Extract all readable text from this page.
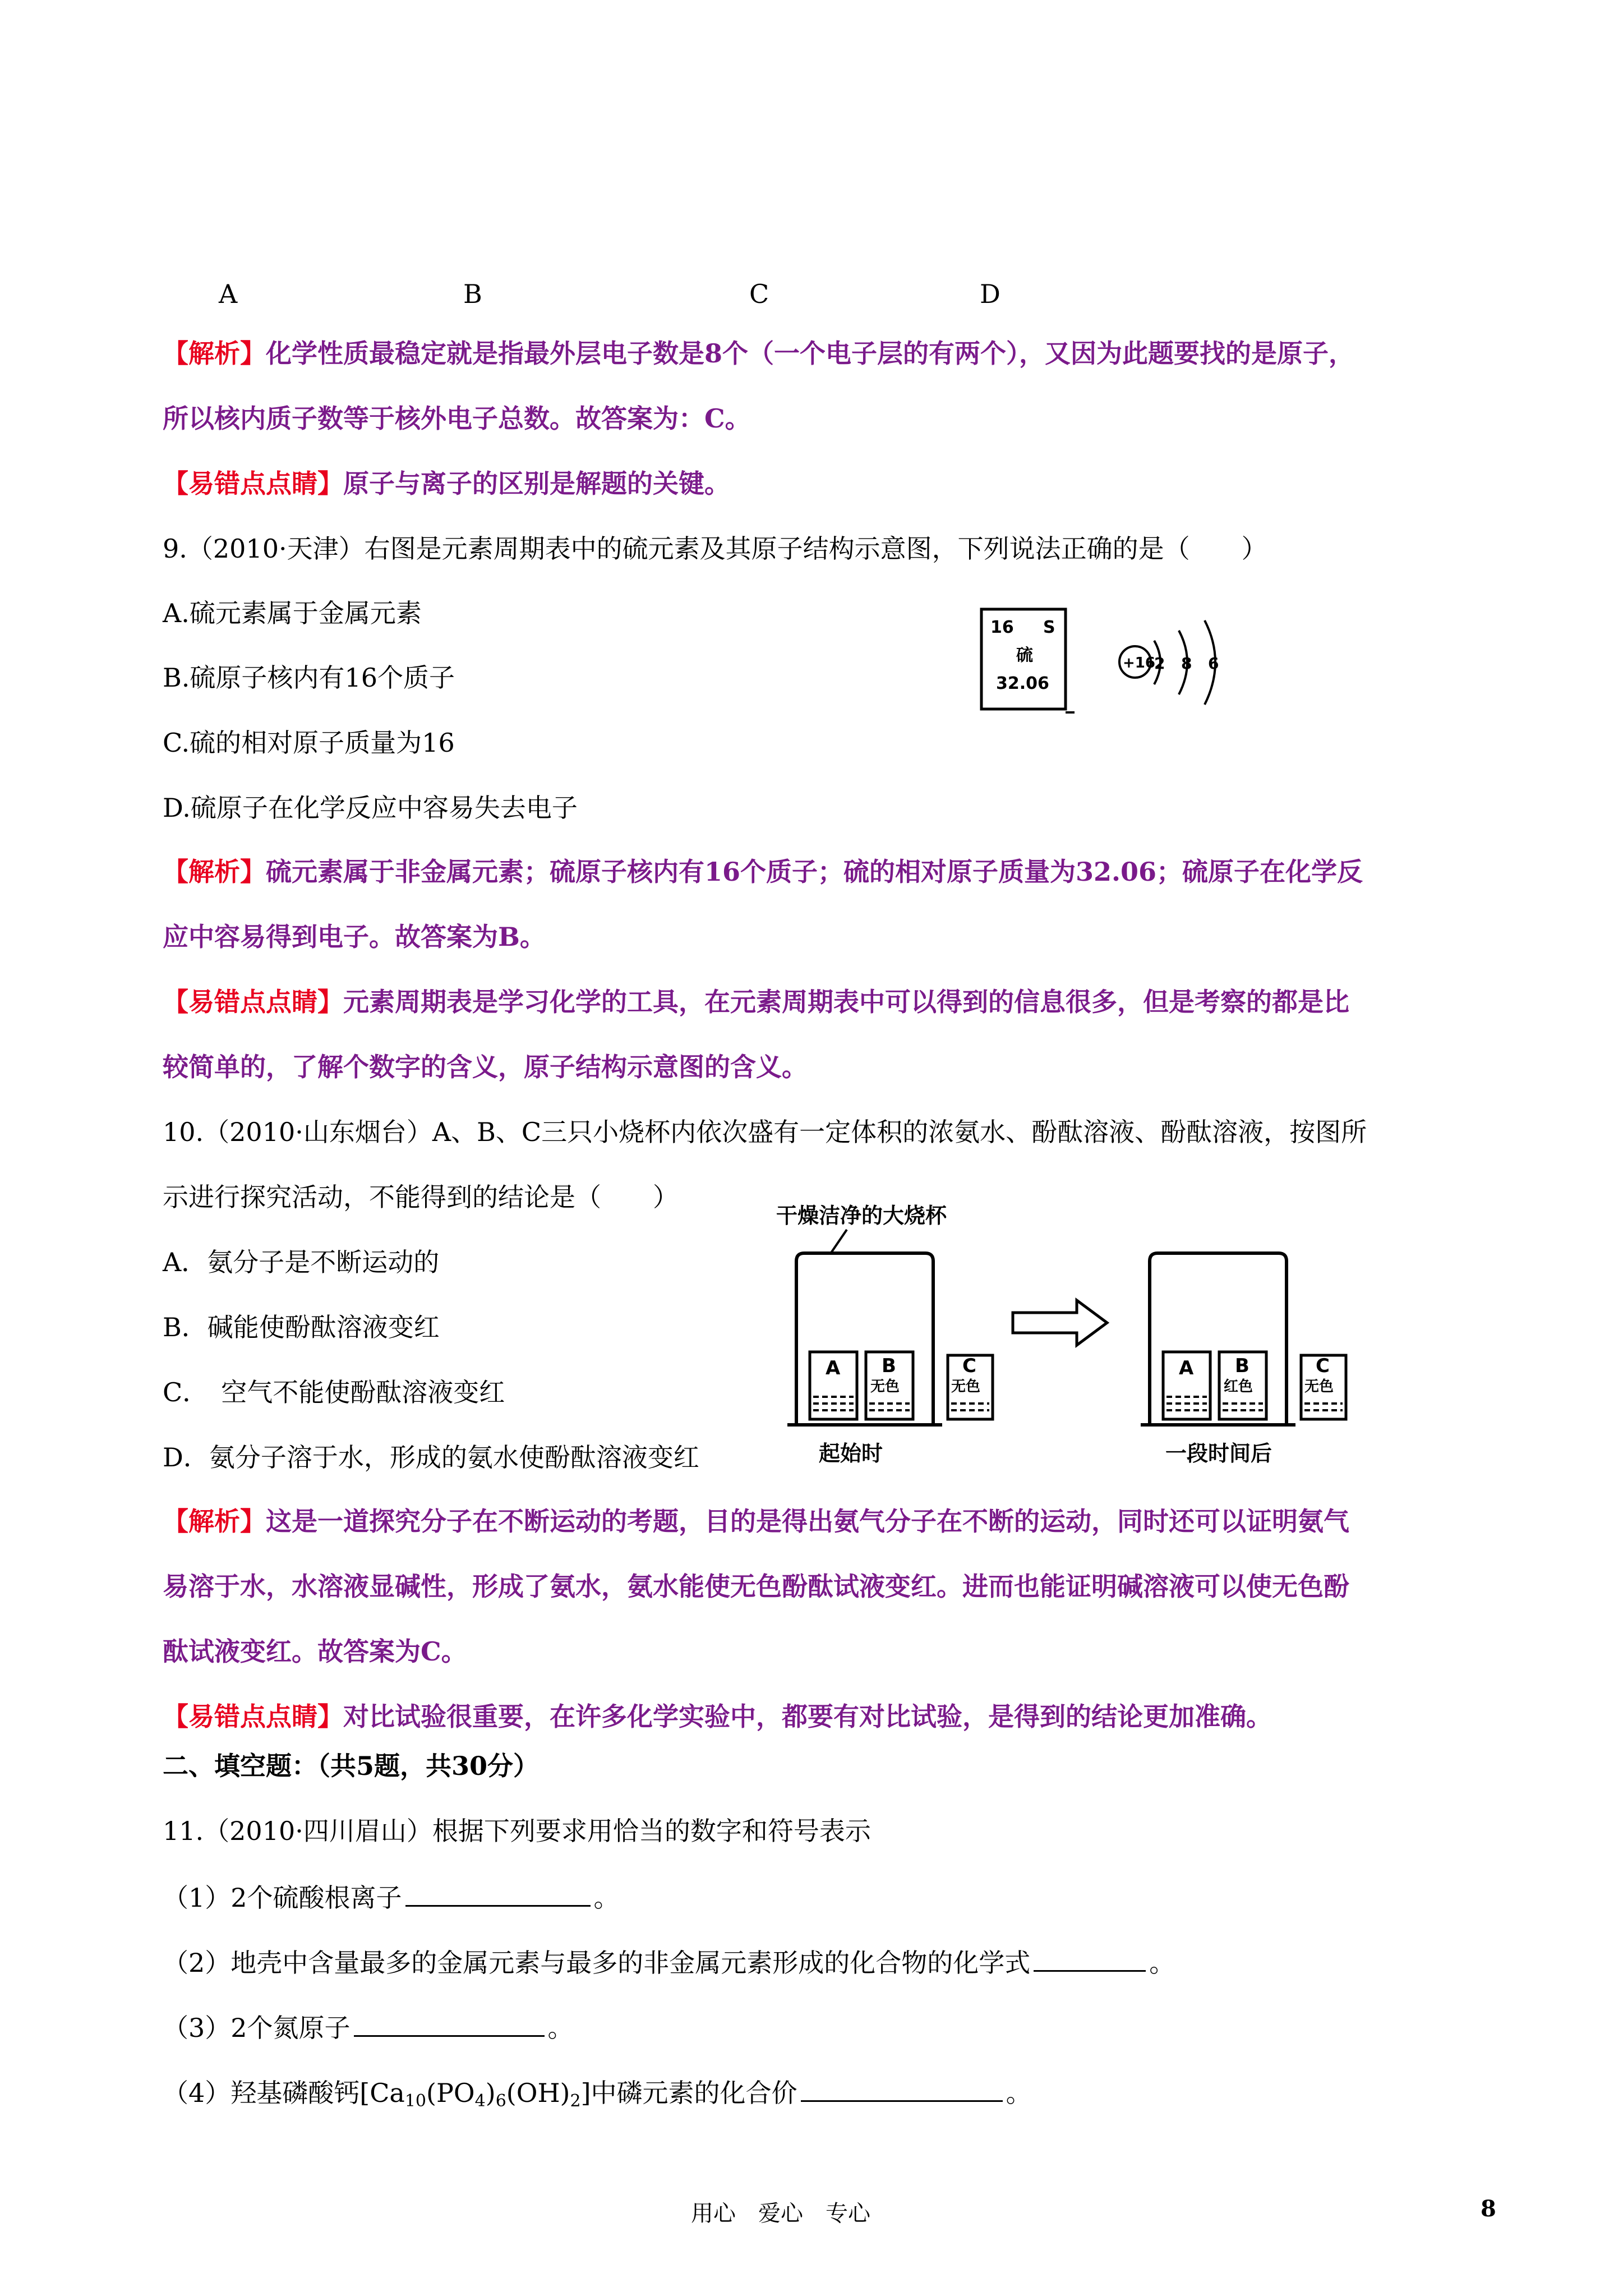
A	B	C	D
【解析】化学性质最稳定就是指最外层电子数是8个（一个电子层的有两个），又因为此题要找的是原子，
所以核内质子数等于核外电子总数。故答案为：C。
【易错点点睛】原子与离子的区别是解题的关键。
9.（2010·天津）右图是元素周期表中的硫元素及其原子结构示意图，下列说法正确的是（　　）
A.硫元素属于金属元素
B.硫原子核内有16个质子
C.硫的相对原子质量为16
D.硫原子在化学反应中容易失去电子
16 S
硫
32.06
+16
2 8 6
【解析】硫元素属于非金属元素；硫原子核内有16个质子；硫的相对原子质量为32.06；硫原子在化学反
应中容易得到电子。故答案为B。
【易错点点睛】元素周期表是学习化学的工具，在元素周期表中可以得到的信息很多，但是考察的都是比
较简单的，了解个数字的含义，原子结构示意图的含义。
10.（2010·山东烟台）A、B、C三只小烧杯内依次盛有一定体积的浓氨水、酚酞溶液、酚酞溶液，按图所
示进行探究活动，不能得到的结论是（　　）
A．氨分子是不断运动的
B．碱能使酚酞溶液变红
C．　空气不能使酚酞溶液变红
D．氨分子溶于水，形成的氨水使酚酞溶液变红
干燥洁净的大烧杯
A B
无色
C
无色
起始时
A B
红色
C
无色
一段时间后
【解析】这是一道探究分子在不断运动的考题，目的是得出氨气分子在不断的运动，同时还可以证明氨气
易溶于水，水溶液显碱性，形成了氨水，氨水能使无色酚酞试液变红。进而也能证明碱溶液可以使无色酚
酞试液变红。故答案为C。
【易错点点睛】对比试验很重要，在许多化学实验中，都要有对比试验，是得到的结论更加准确。
二、填空题：（共5题，共30分）
11.（2010·四川眉山）根据下列要求用恰当的数字和符号表示
（1）2个硫酸根离子	。
（2）地壳中含量最多的金属元素与最多的非金属元素形成的化合物的化学式	。
（3）2个氮原子	。
（4）羟基磷酸钙$[Ca_{10}(PO_4)_6(OH)_2]$中磷元素的化合价	。
用心　爱心　专心	8
